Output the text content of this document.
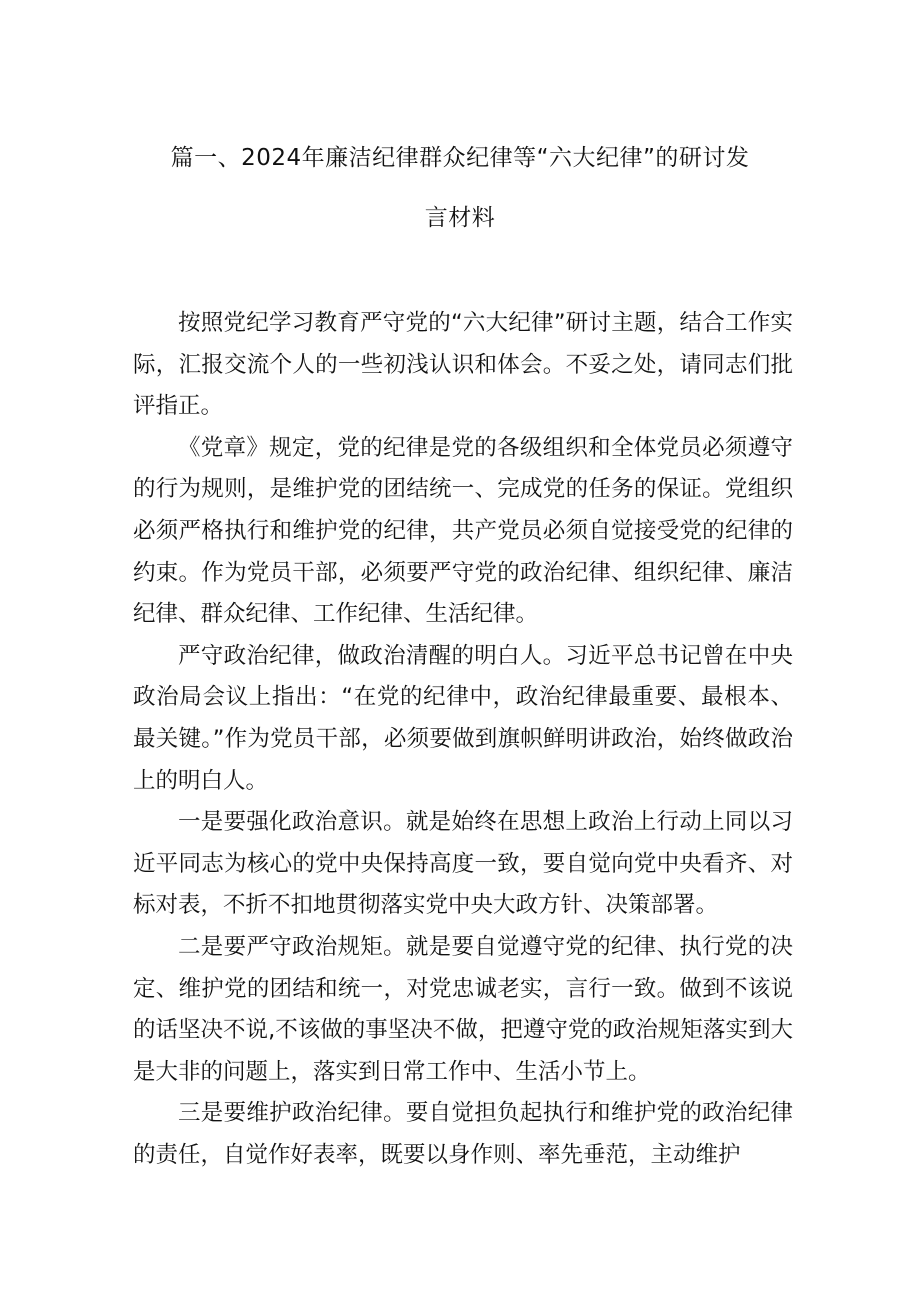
篇一、2024年廉洁纪律群众纪律等“六大纪律”的研讨发
言材料

按照党纪学习教育严守党的“六大纪律”研讨主题，结合工作实际，汇报交流个人的一些初浅认识和体会。不妥之处，请同志们批评指正。

《党章》规定，党的纪律是党的各级组织和全体党员必须遵守的行为规则，是维护党的团结统一、完成党的任务的保证。党组织必须严格执行和维护党的纪律，共产党员必须自觉接受党的纪律的约束。作为党员干部，必须要严守党的政治纪律、组织纪律、廉洁纪律、群众纪律、工作纪律、生活纪律。

严守政治纪律，做政治清醒的明白人。习近平总书记曾在中央政治局会议上指出：“在党的纪律中，政治纪律最重要、最根本、最关键。”作为党员干部，必须要做到旗帜鲜明讲政治，始终做政治上的明白人。

一是要强化政治意识。就是始终在思想上政治上行动上同以习近平同志为核心的党中央保持高度一致，要自觉向党中央看齐、对标对表，不折不扣地贯彻落实党中央大政方针、决策部署。

二是要严守政治规矩。就是要自觉遵守党的纪律、执行党的决定、维护党的团结和统一，对党忠诚老实，言行一致。做到不该说的话坚决不说,不该做的事坚决不做，把遵守党的政治规矩落实到大是大非的问题上，落实到日常工作中、生活小节上。

三是要维护政治纪律。要自觉担负起执行和维护党的政治纪律的责任，自觉作好表率，既要以身作则、率先垂范，主动维护
